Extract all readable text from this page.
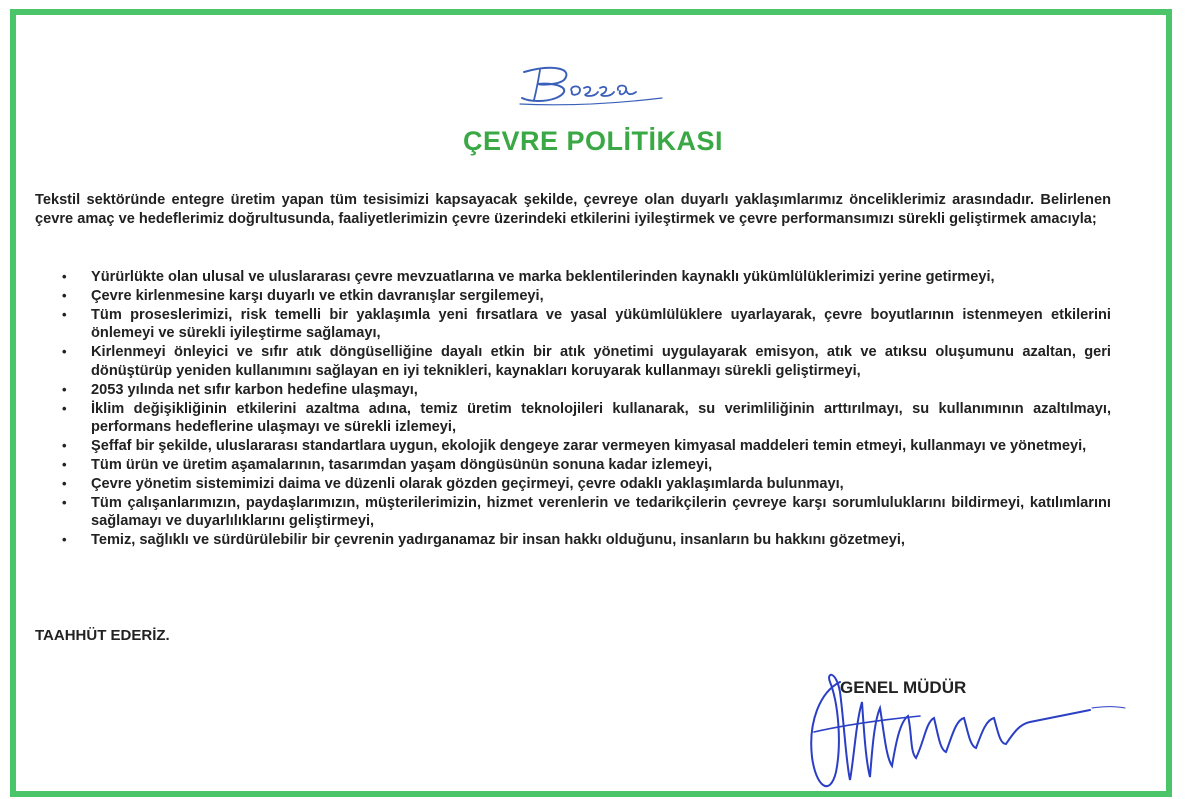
ÇEVRE POLİTİKASI

Tekstil sektöründe entegre üretim yapan tüm tesisimizi kapsayacak şekilde, çevreye olan duyarlı yaklaşımlarımız önceliklerimiz arasındadır. Belirlenen çevre amaç ve hedeflerimiz doğrultusunda, faaliyetlerimizin çevre üzerindeki etkilerini iyileştirmek ve çevre performansımızı sürekli geliştirmek amacıyla;

• Yürürlükte olan ulusal ve uluslararası çevre mevzuatlarına ve marka beklentilerinden kaynaklı yükümlülüklerimizi yerine getirmeyi,
• Çevre kirlenmesine karşı duyarlı ve etkin davranışlar sergilemeyi,
• Tüm proseslerimizi, risk temelli bir yaklaşımla yeni fırsatlara ve yasal yükümlülüklere uyarlayarak, çevre boyutlarının istenmeyen etkilerini önlemeyi ve sürekli iyileştirme sağlamayı,
• Kirlenmeyi önleyici ve sıfır atık döngüselliğine dayalı etkin bir atık yönetimi uygulayarak emisyon, atık ve atıksu oluşumunu azaltan, geri dönüştürüp yeniden kullanımını sağlayan en iyi teknikleri, kaynakları koruyarak kullanmayı sürekli geliştirmeyi,
• 2053 yılında net sıfır karbon hedefine ulaşmayı,
• İklim değişikliğinin etkilerini azaltma adına, temiz üretim teknolojileri kullanarak, su verimliliğinin arttırılmayı, su kullanımının azaltılmayı, performans hedeflerine ulaşmayı ve sürekli izlemeyi,
• Şeffaf bir şekilde, uluslararası standartlara uygun, ekolojik dengeye zarar vermeyen kimyasal maddeleri temin etmeyi, kullanmayı ve yönetmeyi,
• Tüm ürün ve üretim aşamalarının, tasarımdan yaşam döngüsünün sonuna kadar izlemeyi,
• Çevre yönetim sistemimizi daima ve düzenli olarak gözden geçirmeyi, çevre odaklı yaklaşımlarda bulunmayı,
• Tüm çalışanlarımızın, paydaşlarımızın, müşterilerimizin, hizmet verenlerin ve tedarikçilerin çevreye karşı sorumluluklarını bildirmeyi, katılımlarını sağlamayı ve duyarlılıklarını geliştirmeyi,
• Temiz, sağlıklı ve sürdürülebilir bir çevrenin yadırganamaz bir insan hakkı olduğunu, insanların bu hakkını gözetmeyi,
TAAHHÜT EDERİZ.
GENEL MÜDÜR
